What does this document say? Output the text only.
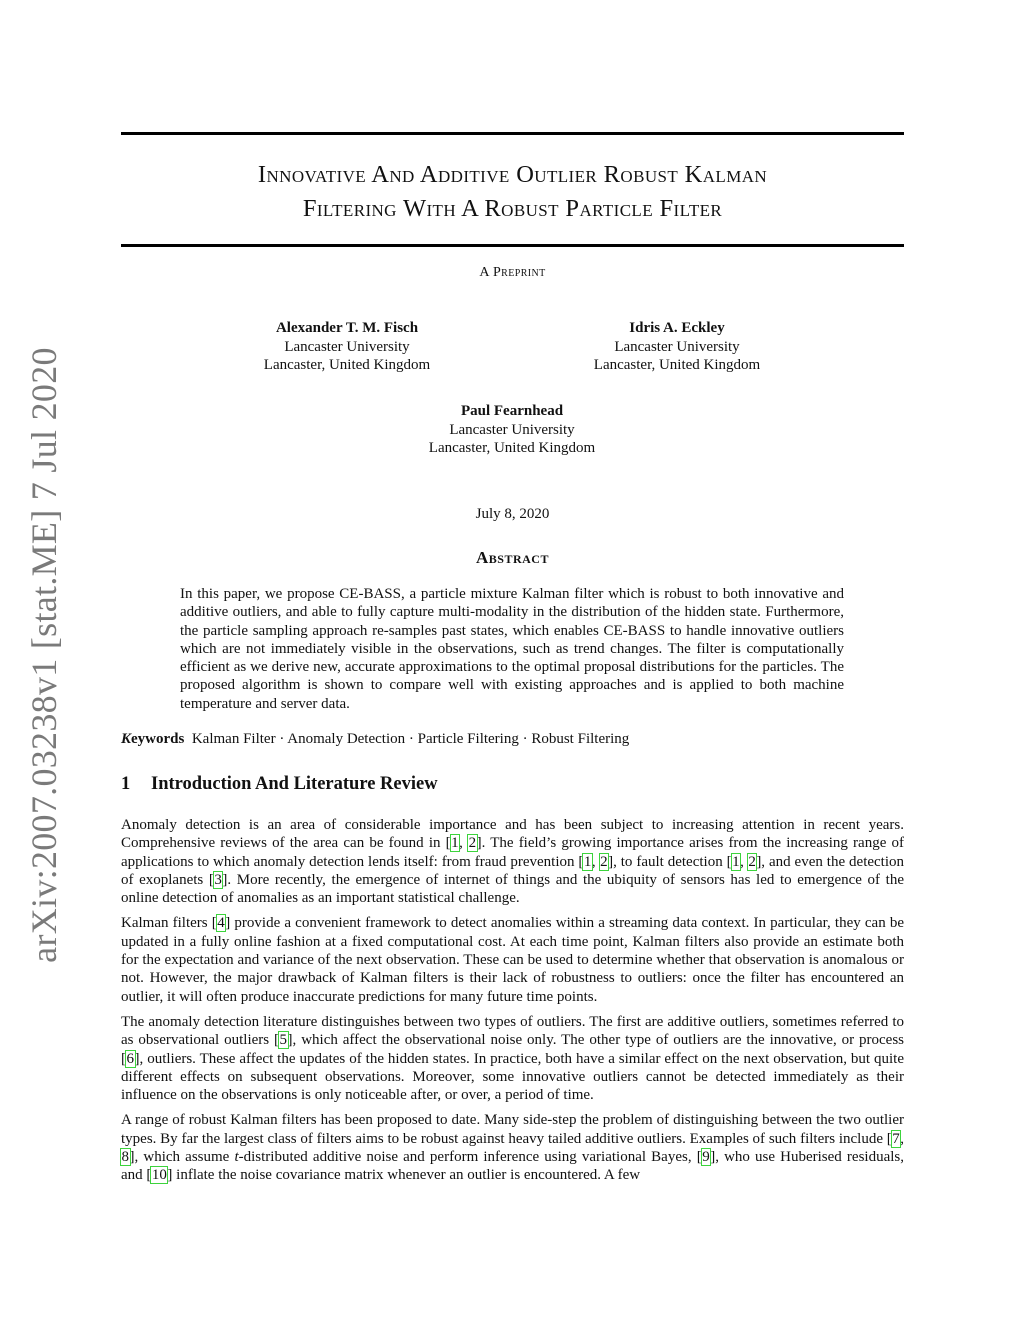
arXiv:2007.03238v1 [stat.ME] 7 Jul 2020
Innovative And Additive Outlier Robust Kalman
Filtering With A Robust Particle Filter
A Preprint
Alexander T. M. Fisch
Lancaster University
Lancaster, United Kingdom
Idris A. Eckley
Lancaster University
Lancaster, United Kingdom
Paul Fearnhead
Lancaster University
Lancaster, United Kingdom
July 8, 2020
Abstract
In this paper, we propose CE-BASS, a particle mixture Kalman filter which is robust to both innovative and additive outliers, and able to fully capture multi-modality in the distribution of the hidden state. Furthermore, the particle sampling approach re-samples past states, which enables CE-BASS to handle innovative outliers which are not immediately visible in the observations, such as trend changes. The filter is computationally efficient as we derive new, accurate approximations to the optimal proposal distributions for the particles. The proposed algorithm is shown to compare well with existing approaches and is applied to both machine temperature and server data.
Keywords Kalman Filter · Anomaly Detection · Particle Filtering · Robust Filtering
1 Introduction And Literature Review

Anomaly detection is an area of considerable importance and has been subject to increasing attention in recent years. Comprehensive reviews of the area can be found in [1, 2]. The field’s growing importance arises from the increasing range of applications to which anomaly detection lends itself: from fraud prevention [1, 2], to fault detection [1, 2], and even the detection of exoplanets [3]. More recently, the emergence of internet of things and the ubiquity of sensors has led to emergence of the online detection of anomalies as an important statistical challenge.

Kalman filters [4] provide a convenient framework to detect anomalies within a streaming data context. In particular, they can be updated in a fully online fashion at a fixed computational cost. At each time point, Kalman filters also provide an estimate both for the expectation and variance of the next observation. These can be used to determine whether that observation is anomalous or not. However, the major drawback of Kalman filters is their lack of robustness to outliers: once the filter has encountered an outlier, it will often produce inaccurate predictions for many future time points.

The anomaly detection literature distinguishes between two types of outliers. The first are additive outliers, sometimes referred to as observational outliers [5], which affect the observational noise only. The other type of outliers are the innovative, or process [6], outliers. These affect the updates of the hidden states. In practice, both have a similar effect on the next observation, but quite different effects on subsequent observations. Moreover, some innovative outliers cannot be detected immediately as their influence on the observations is only noticeable after, or over, a period of time.

A range of robust Kalman filters has been proposed to date. Many side-step the problem of distinguishing between the two outlier types. By far the largest class of filters aims to be robust against heavy tailed additive outliers. Examples of such filters include [7, 8], which assume t-distributed additive noise and perform inference using variational Bayes, [9], who use Huberised residuals, and [10] inflate the noise covariance matrix whenever an outlier is encountered. A few
